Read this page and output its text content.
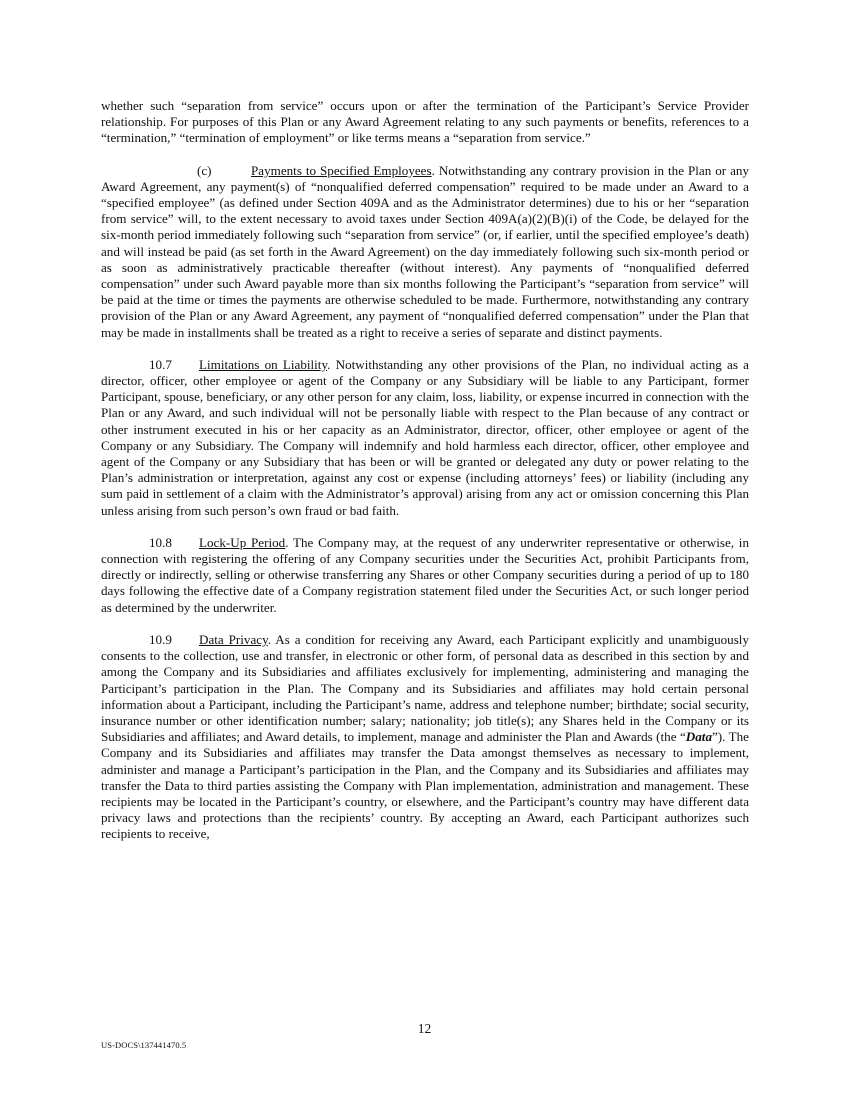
whether such “separation from service” occurs upon or after the termination of the Participant’s Service Provider relationship. For purposes of this Plan or any Award Agreement relating to any such payments or benefits, references to a “termination,” “termination of employment” or like terms means a “separation from service.”

(c)	Payments to Specified Employees. Notwithstanding any contrary provision in the Plan or any Award Agreement, any payment(s) of “nonqualified deferred compensation” required to be made under an Award to a “specified employee” (as defined under Section 409A and as the Administrator determines) due to his or her “separation from service” will, to the extent necessary to avoid taxes under Section 409A(a)(2)(B)(i) of the Code, be delayed for the six-month period immediately following such “separation from service” (or, if earlier, until the specified employee’s death) and will instead be paid (as set forth in the Award Agreement) on the day immediately following such six-month period or as soon as administratively practicable thereafter (without interest). Any payments of “nonqualified deferred compensation” under such Award payable more than six months following the Participant’s “separation from service” will be paid at the time or times the payments are otherwise scheduled to be made. Furthermore, notwithstanding any contrary provision of the Plan or any Award Agreement, any payment of “nonqualified deferred compensation” under the Plan that may be made in installments shall be treated as a right to receive a series of separate and distinct payments.

10.7 Limitations on Liability. Notwithstanding any other provisions of the Plan, no individual acting as a director, officer, other employee or agent of the Company or any Subsidiary will be liable to any Participant, former Participant, spouse, beneficiary, or any other person for any claim, loss, liability, or expense incurred in connection with the Plan or any Award, and such individual will not be personally liable with respect to the Plan because of any contract or other instrument executed in his or her capacity as an Administrator, director, officer, other employee or agent of the Company or any Subsidiary. The Company will indemnify and hold harmless each director, officer, other employee and agent of the Company or any Subsidiary that has been or will be granted or delegated any duty or power relating to the Plan’s administration or interpretation, against any cost or expense (including attorneys’ fees) or liability (including any sum paid in settlement of a claim with the Administrator’s approval) arising from any act or omission concerning this Plan unless arising from such person’s own fraud or bad faith.

10.8 Lock-Up Period. The Company may, at the request of any underwriter representative or otherwise, in connection with registering the offering of any Company securities under the Securities Act, prohibit Participants from, directly or indirectly, selling or otherwise transferring any Shares or other Company securities during a period of up to 180 days following the effective date of a Company registration statement filed under the Securities Act, or such longer period as determined by the underwriter.

10.9 Data Privacy. As a condition for receiving any Award, each Participant explicitly and unambiguously consents to the collection, use and transfer, in electronic or other form, of personal data as described in this section by and among the Company and its Subsidiaries and affiliates exclusively for implementing, administering and managing the Participant’s participation in the Plan. The Company and its Subsidiaries and affiliates may hold certain personal information about a Participant, including the Participant’s name, address and telephone number; birthdate; social security, insurance number or other identification number; salary; nationality; job title(s); any Shares held in the Company or its Subsidiaries and affiliates; and Award details, to implement, manage and administer the Plan and Awards (the “Data”). The Company and its Subsidiaries and affiliates may transfer the Data amongst themselves as necessary to implement, administer and manage a Participant’s participation in the Plan, and the Company and its Subsidiaries and affiliates may transfer the Data to third parties assisting the Company with Plan implementation, administration and management. These recipients may be located in the Participant’s country, or elsewhere, and the Participant’s country may have different data privacy laws and protections than the recipients’ country. By accepting an Award, each Participant authorizes such recipients to receive,

12
US-DOCS\137441470.5
